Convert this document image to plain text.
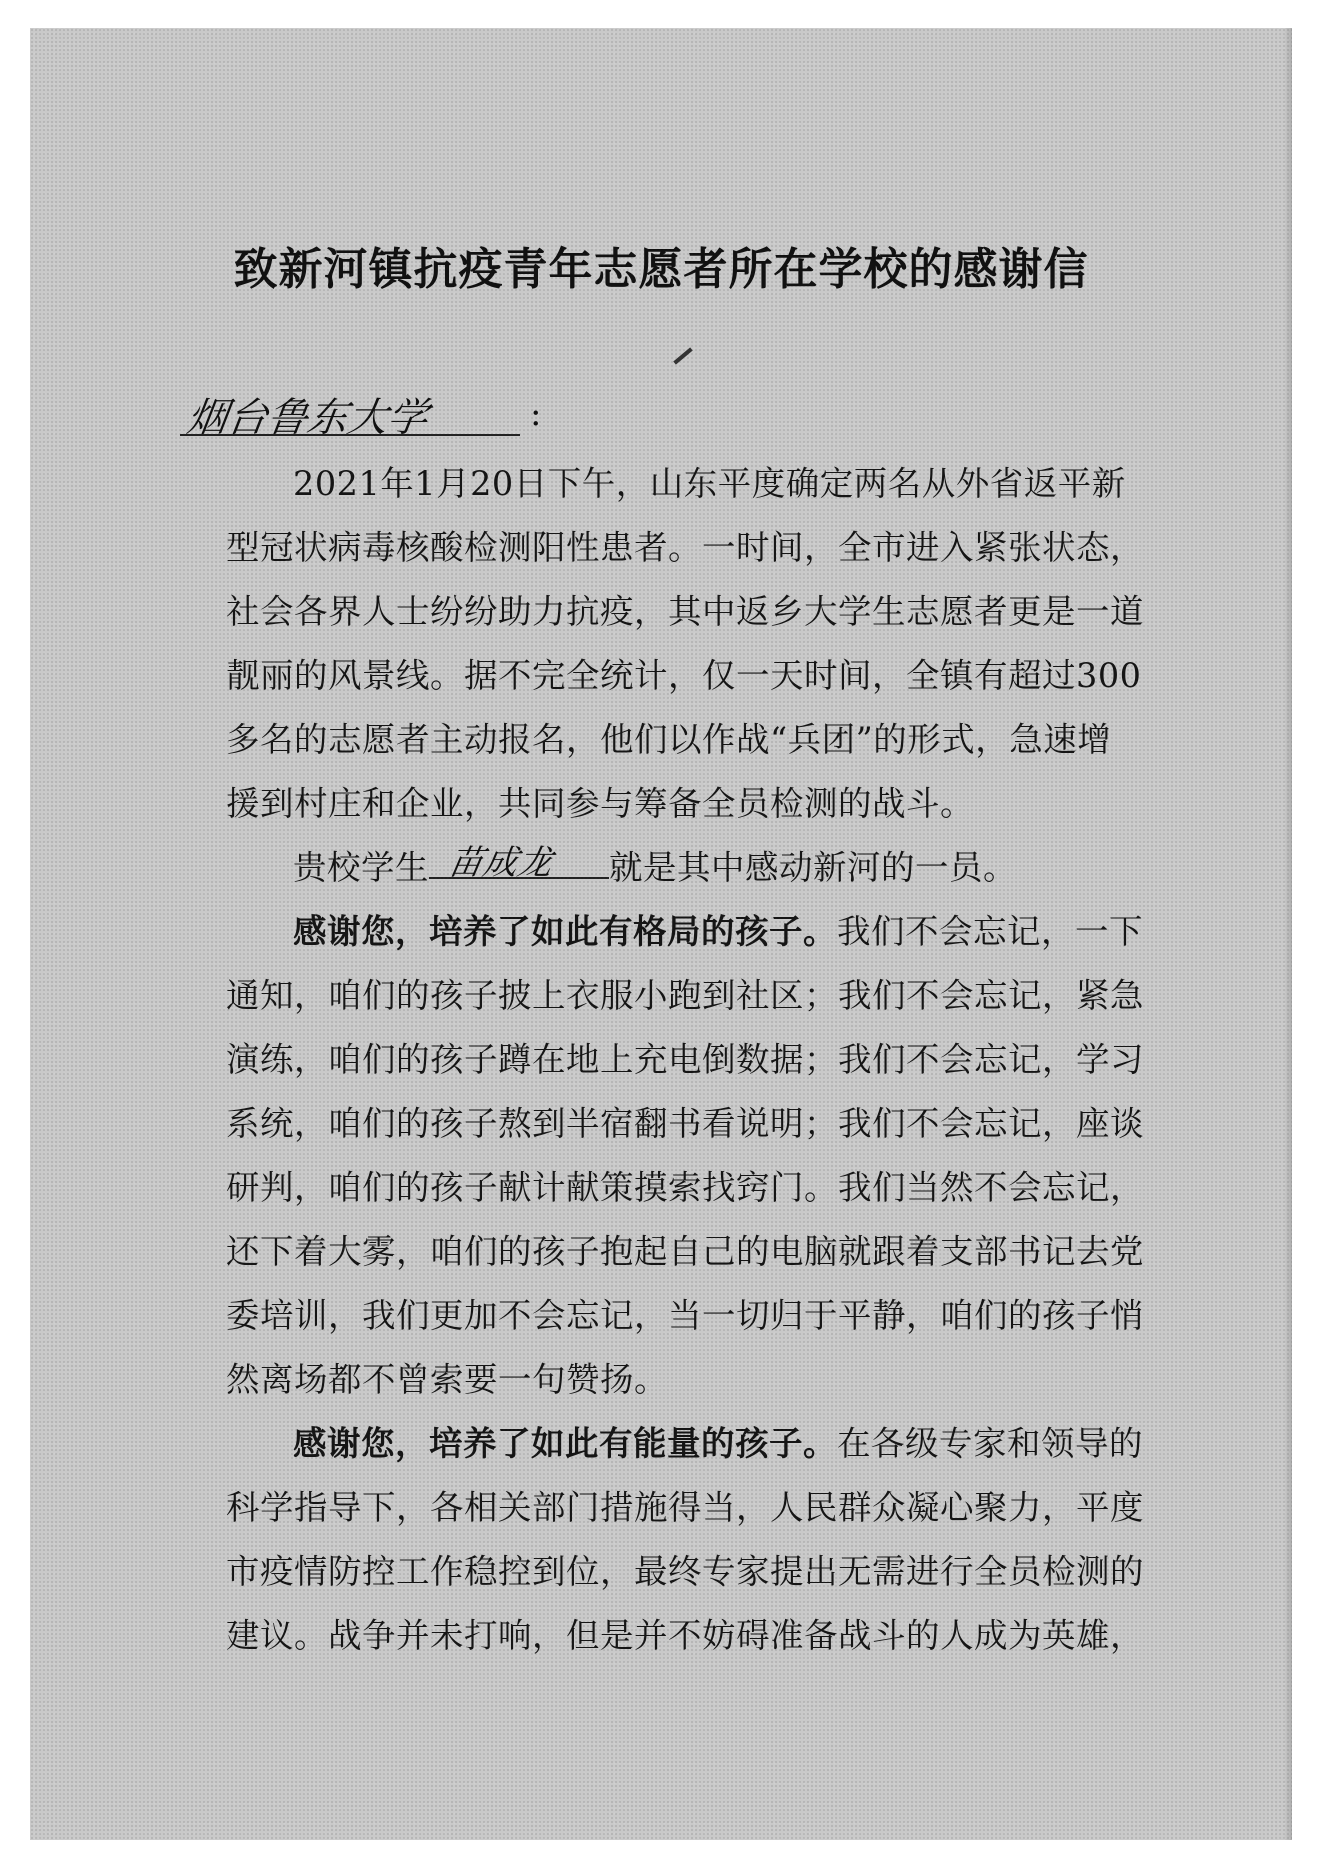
致新河镇抗疫青年志愿者所在学校的感谢信
烟台鲁东大学	:
2021年1月20日下午，山东平度确定两名从外省返平新
型冠状病毒核酸检测阳性患者。一时间，全市进入紧张状态，
社会各界人士纷纷助力抗疫，其中返乡大学生志愿者更是一道
靓丽的风景线。据不完全统计，仅一天时间，全镇有超过300
多名的志愿者主动报名，他们以作战“兵团”的形式，急速增
援到村庄和企业，共同参与筹备全员检测的战斗。
贵校学生 苗成龙 就是其中感动新河的一员。
感谢您，培养了如此有格局的孩子。我们不会忘记，一下
通知，咱们的孩子披上衣服小跑到社区；我们不会忘记，紧急
演练，咱们的孩子蹲在地上充电倒数据；我们不会忘记，学习
系统，咱们的孩子熬到半宿翻书看说明；我们不会忘记，座谈
研判，咱们的孩子献计献策摸索找窍门。我们当然不会忘记，
还下着大雾，咱们的孩子抱起自己的电脑就跟着支部书记去党
委培训，我们更加不会忘记，当一切归于平静，咱们的孩子悄
然离场都不曾索要一句赞扬。
感谢您，培养了如此有能量的孩子。在各级专家和领导的
科学指导下，各相关部门措施得当，人民群众凝心聚力，平度
市疫情防控工作稳控到位，最终专家提出无需进行全员检测的
建议。战争并未打响，但是并不妨碍准备战斗的人成为英雄，
